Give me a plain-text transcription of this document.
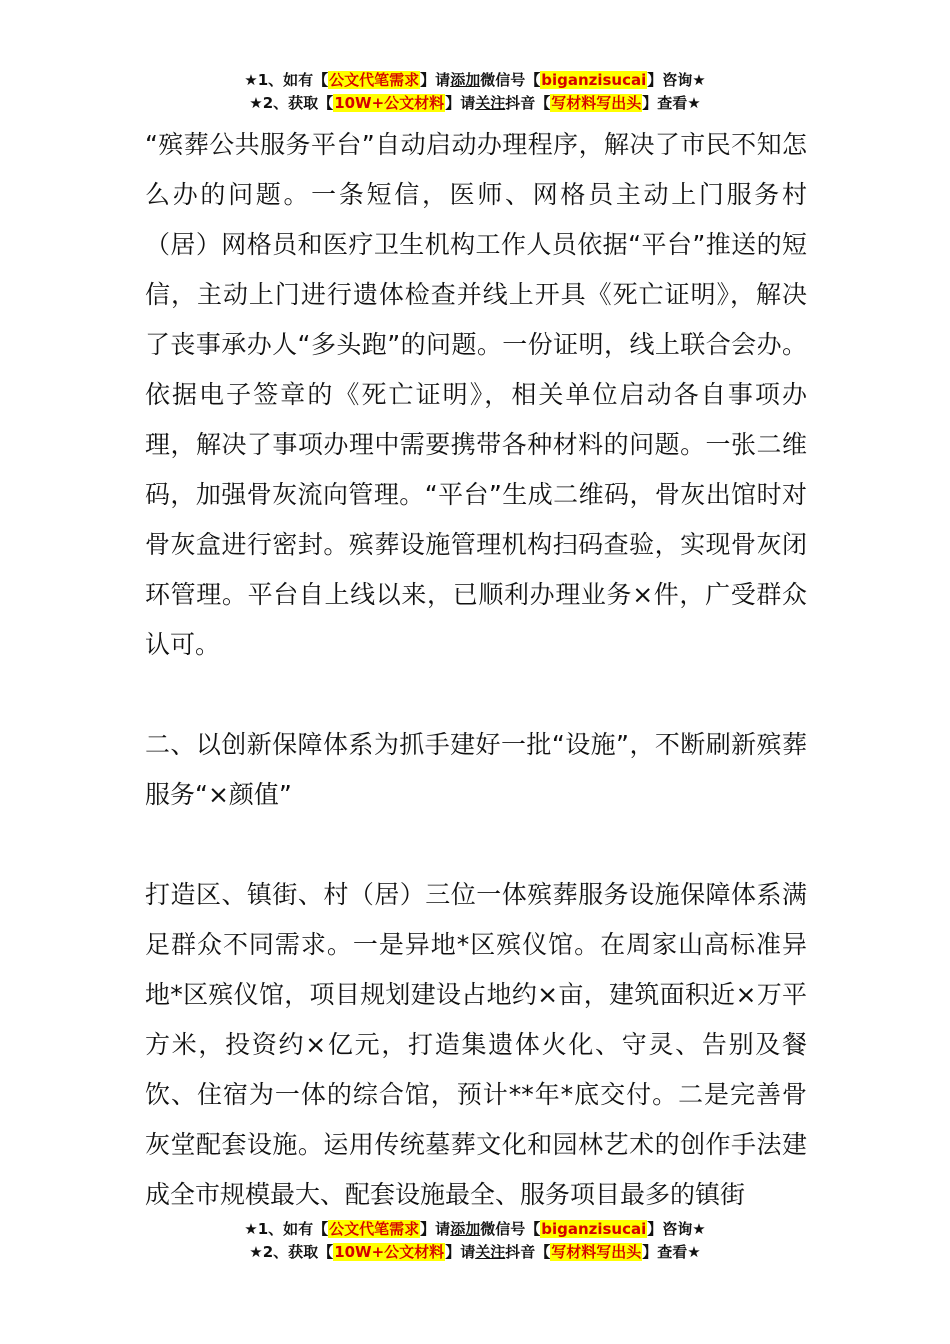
★1、如有【公文代笔需求】请添加微信号【biganzisucai】咨询★
★2、获取【10W+公文材料】请关注抖音【写材料写出头】查看★

“殡葬公共服务平台”自动启动办理程序，解决了市民不知怎么办的问题。一条短信，医师、网格员主动上门服务村（居）网格员和医疗卫生机构工作人员依据“平台”推送的短信，主动上门进行遗体检查并线上开具《死亡证明》，解决了丧事承办人“多头跑”的问题。一份证明，线上联合会办。依据电子签章的《死亡证明》，相关单位启动各自事项办理，解决了事项办理中需要携带各种材料的问题。一张二维码，加强骨灰流向管理。“平台”生成二维码，骨灰出馆时对骨灰盒进行密封。殡葬设施管理机构扫码查验，实现骨灰闭环管理。平台自上线以来，已顺利办理业务×件，广受群众认可。

二、以创新保障体系为抓手建好一批“设施”，不断刷新殡葬服务“×颜值”

打造区、镇街、村（居）三位一体殡葬服务设施保障体系满足群众不同需求。一是异地*区殡仪馆。在周家山高标准异地*区殡仪馆，项目规划建设占地约×亩，建筑面积近×万平方米，投资约×亿元，打造集遗体火化、守灵、告别及餐饮、住宿为一体的综合馆，预计**年*底交付。二是完善骨灰堂配套设施。运用传统墓葬文化和园林艺术的创作手法建成全市规模最大、配套设施最全、服务项目最多的镇街

★1、如有【公文代笔需求】请添加微信号【biganzisucai】咨询★
★2、获取【10W+公文材料】请关注抖音【写材料写出头】查看★
